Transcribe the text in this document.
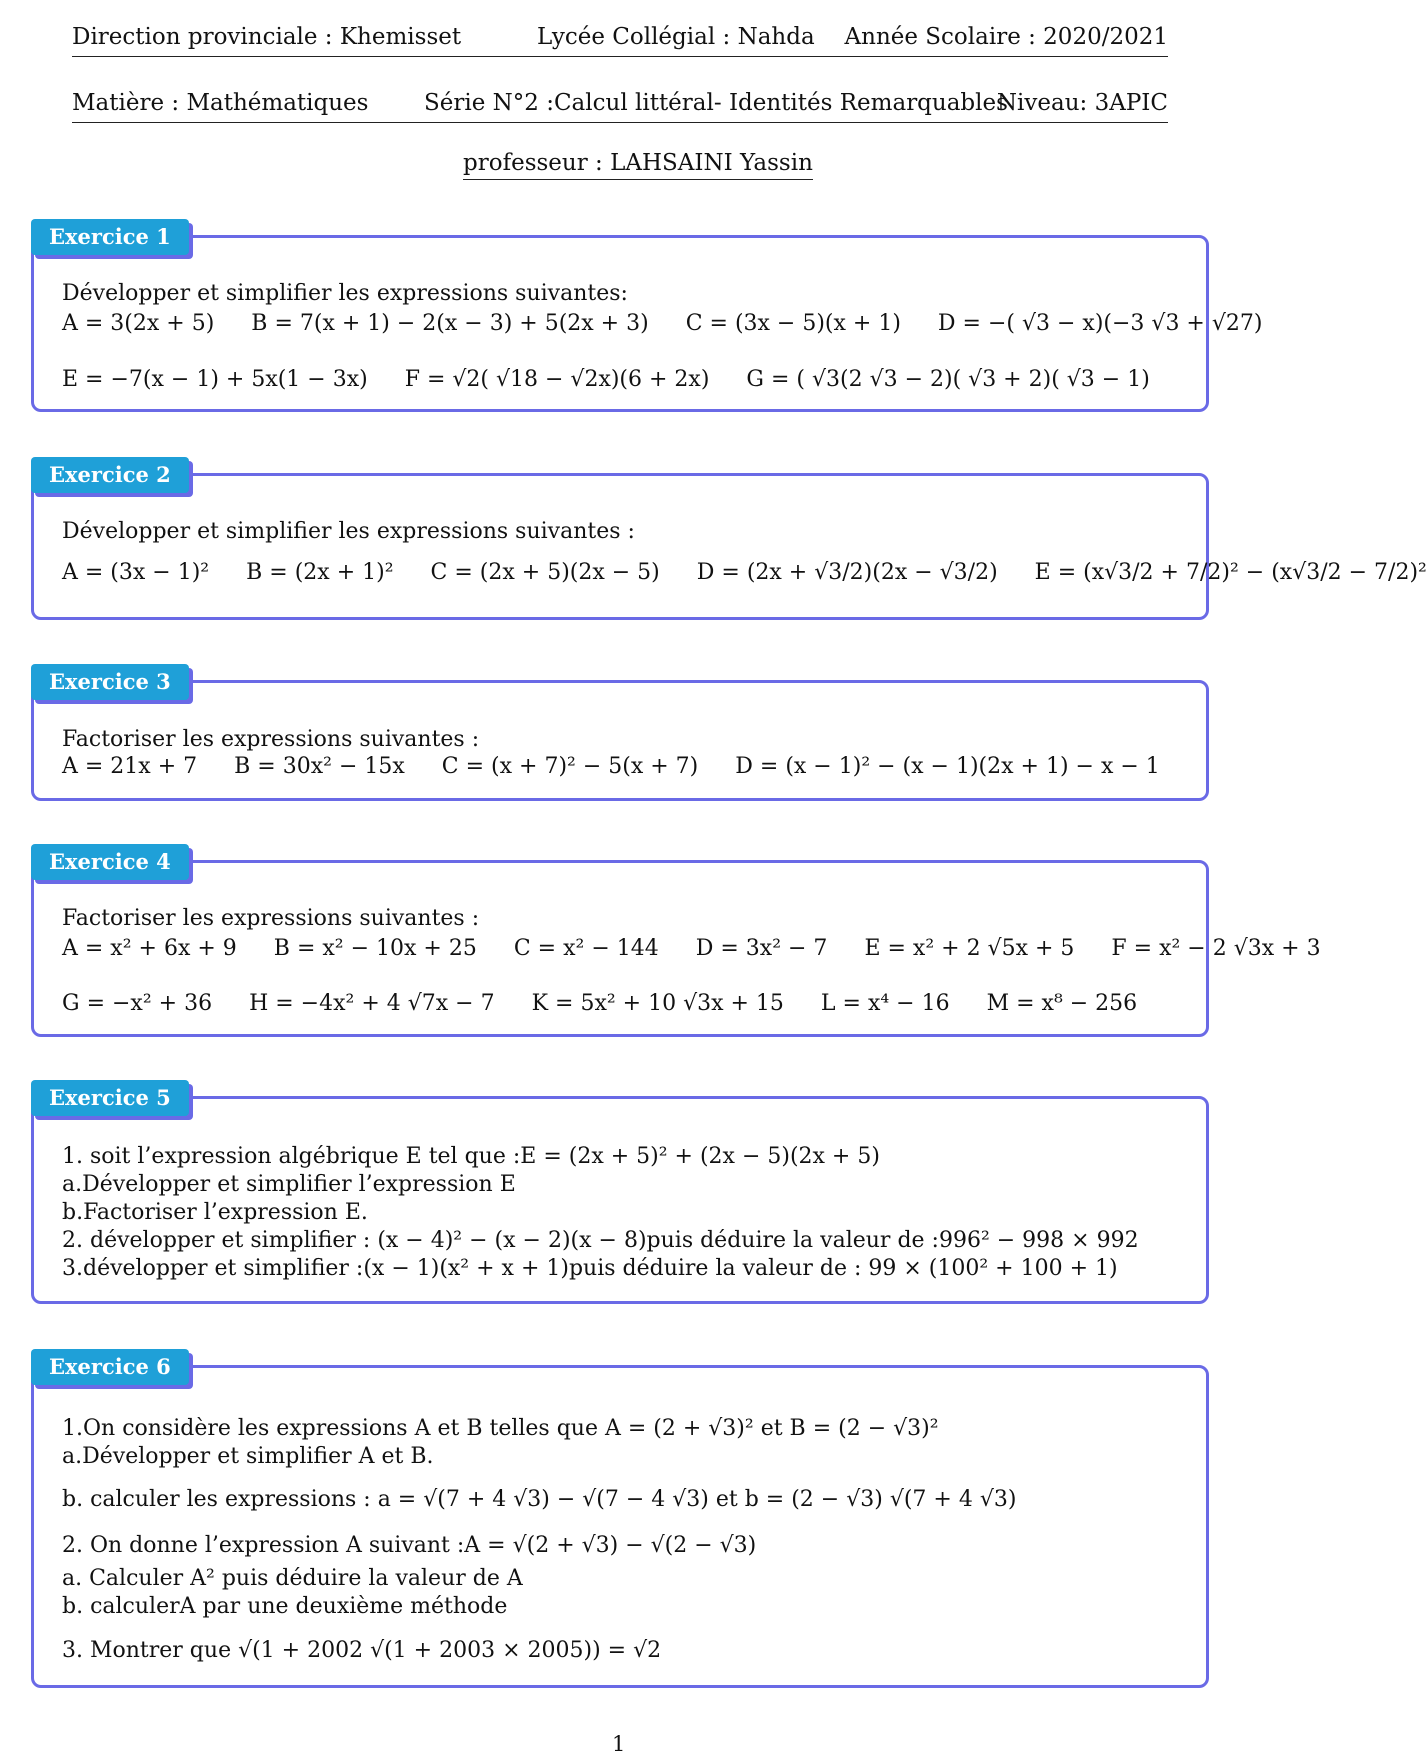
Direction provinciale : Khemisset	Lycée Collégial : Nahda Année Scolaire : 2020/2021
Matière : Mathématiques Série N°2 :Calcul littéral- Identités Remarquables
Niveau: 3APIC
professeur : LAHSAINI Yassin
Exercice 1
Développer et simplifier les expressions suivantes:
A = 3(2x + 5) B = 7(x + 1) − 2(x − 3) + 5(2x + 3) C = (3x − 5)(x + 1) D = −( √3 − x)(−3 √3 + √27)
E = −7(x − 1) + 5x(1 − 3x) F = √2( √18 − √2x)(6 + 2x) G = ( √3(2 √3 − 2)( √3 + 2)( √3 − 1)
Exercice 2
Développer et simplifier les expressions suivantes :
A = (3x − 1)² B = (2x + 1)² C = (2x + 5)(2x − 5) D = (2x + √3/2)(2x − √3/2) E = (x√3/2 + 7/2)² − (x√3/2 − 7/2)²
Exercice 3
Factoriser les expressions suivantes :
A = 21x + 7 B = 30x² − 15x C = (x + 7)² − 5(x + 7) D = (x − 1)² − (x − 1)(2x + 1) − x − 1
Exercice 4
Factoriser les expressions suivantes :
A = x² + 6x + 9 B = x² − 10x + 25 C = x² − 144 D = 3x² − 7 E = x² + 2 √5x + 5 F = x² − 2 √3x + 3
G = −x² + 36 H = −4x² + 4 √7x − 7 K = 5x² + 10 √3x + 15 L = x⁴ − 16 M = x⁸ − 256
Exercice 5
1. soit l’expression algébrique E tel que :E = (2x + 5)² + (2x − 5)(2x + 5)
a.Développer et simplifier l’expression E
b.Factoriser l’expression E.
2. développer et simplifier : (x − 4)² − (x − 2)(x − 8)puis déduire la valeur de :996² − 998 × 992
3.développer et simplifier :(x − 1)(x² + x + 1)puis déduire la valeur de : 99 × (100² + 100 + 1)
Exercice 6
1.On considère les expressions A et B telles que A = (2 + √3)² et B = (2 − √3)²
a.Développer et simplifier A et B.
b. calculer les expressions : a = √(7 + 4 √3) − √(7 − 4 √3) et b = (2 − √3) √(7 + 4 √3)
2. On donne l’expression A suivant :A = √(2 + √3) − √(2 − √3)
a. Calculer A² puis déduire la valeur de A
b. calculerA par une deuxième méthode
3. Montrer que √(1 + 2002 √(1 + 2003 × 2005)) = √2
1
